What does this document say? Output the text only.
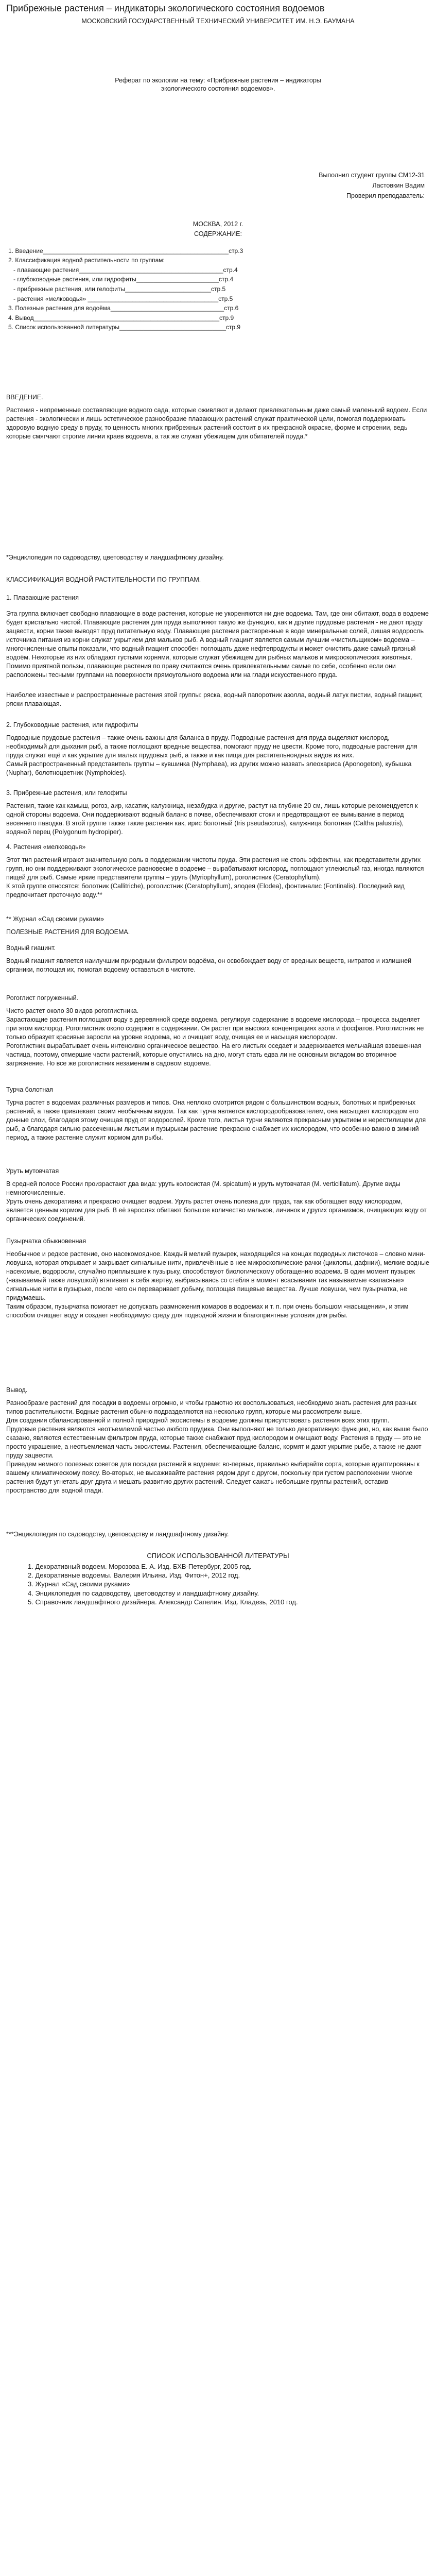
Прибрежные растения – индикаторы экологического состояния водоемов
МОСКОВСКИЙ ГОСУДАРСТВЕННЫЙ ТЕХНИЧЕСКИЙ УНИВЕРСИТЕТ ИМ. Н.Э. БАУМАНА
Реферат по экологии на тему: «Прибрежные растения – индикаторы экологического состояния водоемов».
Выполнил студент группы СМ12-31
Ластовкин Вадим
Проверил преподаватель:
МОСКВА, 2012 г.
СОДЕРЖАНИЕ:
1. Введение______________________________________________________стр.3
2. Классификация водной растительности по группам:
- плавающие растения__________________________________________стр.4
- глубоководные растения, или гидрофиты________________________стр.4
- прибрежные растения, или гелофиты_________________________стр.5
- растения «мелководья» ______________________________________стр.5
3. Полезные растения для водоёма_________________________________стр.6
4. Вывод______________________________________________________стр.9
5. Список использованной литературы_______________________________стр.9

ВВЕДЕНИЕ.

Растения - непременные составляющие водного сада, которые оживляют и делают привлекательным даже самый маленький водоем. Если растения - экологически и лишь эстетическое разнообразие плавающих растений служат практической цели, помогая поддерживать здоровую водную среду в пруду, то ценность многих прибрежных растений состоит в их прекрасной окраске, форме и строении, ведь которые смягчают строгие линии краев водоема, а так же служат убежищем для обитателей пруда.*

*Энциклопедия по садоводству, цветоводству и ландшафтному дизайну.

КЛАССИФИКАЦИЯ ВОДНОЙ РАСТИТЕЛЬНОСТИ ПО ГРУППАМ.

1. Плавающие растения

Эта группа включает свободно плавающие в воде растения, которые не укореняются ни дне водоема. Там, где они обитают, вода в водоеме будет кристально чистой. Плавающие растения для пруда выполняют такую же функцию, как и другие прудовые растения - не дают пруду зацвести, корни также выводят пруд питательную воду. Плавающие растения растворенные в воде минеральные солей, лишая водоросль источника питания из корни служат укрытием для мальков рыб. А водный гиацинт является самым лучшим «чистильщиком» водоема – многочисленные опыты показали, что водный гиацинт способен поглощать даже нефтепродукты и может очистить даже самый грязный водоём. Некоторые из них обладают густыми корнями, которые служат убежищем для рыбных мальков и микроскопических животных. Помимо приятной пользы, плавающие растения по праву считаются очень привлекательными самые по себе, особенно если они расположены тесными группами на поверхности прямоугольного водоема или на глади искусственного пруда.

Наиболее известные и распространенные растения этой группы: ряска, водный папоротник азолла, водный латук пистии, водный гиацинт, ряски плавающая.

2. Глубоководные растения, или гидрофиты

Подводные прудовые растения – также очень важны для баланса в пруду. Подводные растения для пруда выделяют кислород, необходимый для дыхания рыб, а также поглощают вредные вещества, помогают пруду не цвести. Кроме того, подводные растения для пруда служат ещё и как укрытие для малых прудовых рыб, а также и как пища для растительноядных видов из них.
Самый распространенный представитель группы – кувшинка (Nymphaea), из других можно назвать элеохариса (Aponogeton), кубышка (Nuphar), болотноцветник (Nymphoides).

3. Прибрежные растения, или гелофиты

Растения, такие как камыш, рогоз, аир, касатик, калужница, незабудка и другие, растут на глубине 20 см, лишь которые рекомендуется к одной стороны водоема. Они поддерживают водный баланс в почве, обеспечивают стоки и предотвращают ее вымывание в период весеннего паводка. В этой группе также такие растения как, ирис болотный (Iris pseudacorus), калужница болотная (Caltha palustris), водяной перец (Polygonum hydropiper).

4. Растения «мелководья»

Этот тип растений играют значительную роль в поддержании чистоты пруда. Эти растения не столь эффектны, как представители других групп, но они поддерживают экологическое равновесие в водоеме – вырабатывают кислород, поглощают углекислый газ, иногда являются пищей для рыб. Самые яркие представители группы – уруть (Myriophyllum), роголистник (Ceratophyllum).
К этой группе относятся: болотник (Callitriche), роголистник (Ceratophyllum), элодея (Elodea), фонтиналис (Fontinalis). Последний вид предпочитает проточную воду.**

** Журнал «Сад своими руками»

ПОЛЕЗНЫЕ РАСТЕНИЯ ДЛЯ ВОДОЕМА.

Водный гиацинт.

Водный гиацинт является наилучшим природным фильтром водоёма, он освобождает воду от вредных веществ, нитратов и излишней органики, поглощая их, помогая водоему оставаться в чистоте.

Рогоглист погруженный.

Чисто растет около 30 видов рогоглистника.
Зарастающие растения поглощают воду в деревянной среде водоема, регулируя содержание в водоеме кислорода – процесса выделяет при этом кислород. Рогоглистник около содержит в содержании. Он растет при высоких концентрациях азота и фосфатов. Рогоглистник не только образует красивые заросли на уровне водоема, но и очищает воду, очищая ее и насыщая кислородом.
Рогоглистник вырабатывает очень интенсивно органическое вещество. На его листьях оседает и задерживается мельчайшая взвешенная частица, поэтому, отмершие части растений, которые опустились на дно, могут стать едва ли не основным вкладом во вторичное загрязнение. Но все же роголистник незаменим в садовом водоеме.

Турча болотная

Турча растет в водоемах различных размеров и типов. Она неплохо смотрится рядом с большинством водных, болотных и прибрежных растений, а также привлекает своим необычным видом. Так как турча является кислородообразователем, она насыщает кислородом его донные слои, благодаря этому очищая пруд от водорослей. Кроме того, листья турчи являются прекрасным укрытием и нерестилищем для рыб, а благодаря сильно рассеченным листьям и пузырькам растение прекрасно снабжает их кислородом, что особенно важно в зимний период, а также растение служит кормом для рыбы.

Уруть мутовчатая

В средней полосе России произрастают два вида: уруть колосистая (M. spicatum) и уруть мутовчатая (M. verticillatum). Другие виды немногочисленные.
Уруть очень декоративна и прекрасно очищает водоем. Уруть растет очень полезна для пруда, так как обогащает воду кислородом, является ценным кормом для рыб. В её зарослях обитают большое количество мальков, личинок и других организмов, очищающих воду от органических соединений.

Пузырчатка обыкновенная

Необычное и редкое растение, оно насекомоядное. Каждый мелкий пузырек, находящийся на концах подводных листочков – словно мини-ловушка, которая открывает и закрывает сигнальные нити, привлечённые в нее микроскопические рачки (циклопы, дафнии), мелкие водные насекомые, водоросли, случайно приплывшие к пузырьку, способствуют биологическому обогащению водоема. В один момент пузырек (называемый также ловушкой) втягивает в себя жертву, выбрасываясь со стебля в момент всасывания так называемые «запасные» сигнальные нити в пузырьке, после чего он переваривает добычу, поглощая пищевые вещества. Лучше ловушки, чем пузырчатка, не придумаешь.
Таким образом, пузырчатка помогает не допускать размножения комаров в водоемах и т. п. при очень большом «насыщении», и этим способом очищает воду и создает необходимую среду для подводной жизни и благоприятные условия для рыбы.

Вывод.

Разнообразие растений для посадки в водоемы огромно, и чтобы грамотно их воспользоваться, необходимо знать растения для разных типов растительности. Водные растения обычно подразделяются на несколько групп, которые мы рассмотрели выше.
Для создания сбалансированной и полной природной экосистемы в водоеме должны присутствовать растения всех этих групп.
Прудовые растения являются неотъемлемой частью любого прудика. Они выполняют не только декоративную функцию, но, как выше было сказано, являются естественным фильтром пруда, которые также снабжают пруд кислородом и очищают воду. Растения в пруду — это не просто украшение, а неотъемлемая часть экосистемы. Растения, обеспечивающие баланс, кормят и дают укрытие рыбе, а также не дают пруду зацвести.
Приведем немного полезных советов для посадки растений в водоеме: во-первых, правильно выбирайте сорта, которые адаптированы к вашему климатическому поясу. Во-вторых, не высаживайте растения рядом друг с другом, поскольку при густом расположении многие растения будут угнетать друг друга и мешать развитию других растений. Следует сажать небольшие группы растений, оставив пространство для водной глади.

***Энциклопедия по садоводству, цветоводству и ландшафтному дизайну.

СПИСОК ИСПОЛЬЗОВАННОЙ ЛИТЕРАТУРЫ
1. Декоративный водоем. Морозова Е. А. Изд. БХВ-Петербург, 2005 год.
2. Декоративные водоемы. Валерия Ильина. Изд. Фитон+, 2012 год.
3. Журнал «Сад своими руками»
4. Энциклопедия по садоводству, цветоводству и ландшафтному дизайну.
5. Справочник ландшафтного дизайнера. Александр Сапелин. Изд. Кладезь, 2010 год.
